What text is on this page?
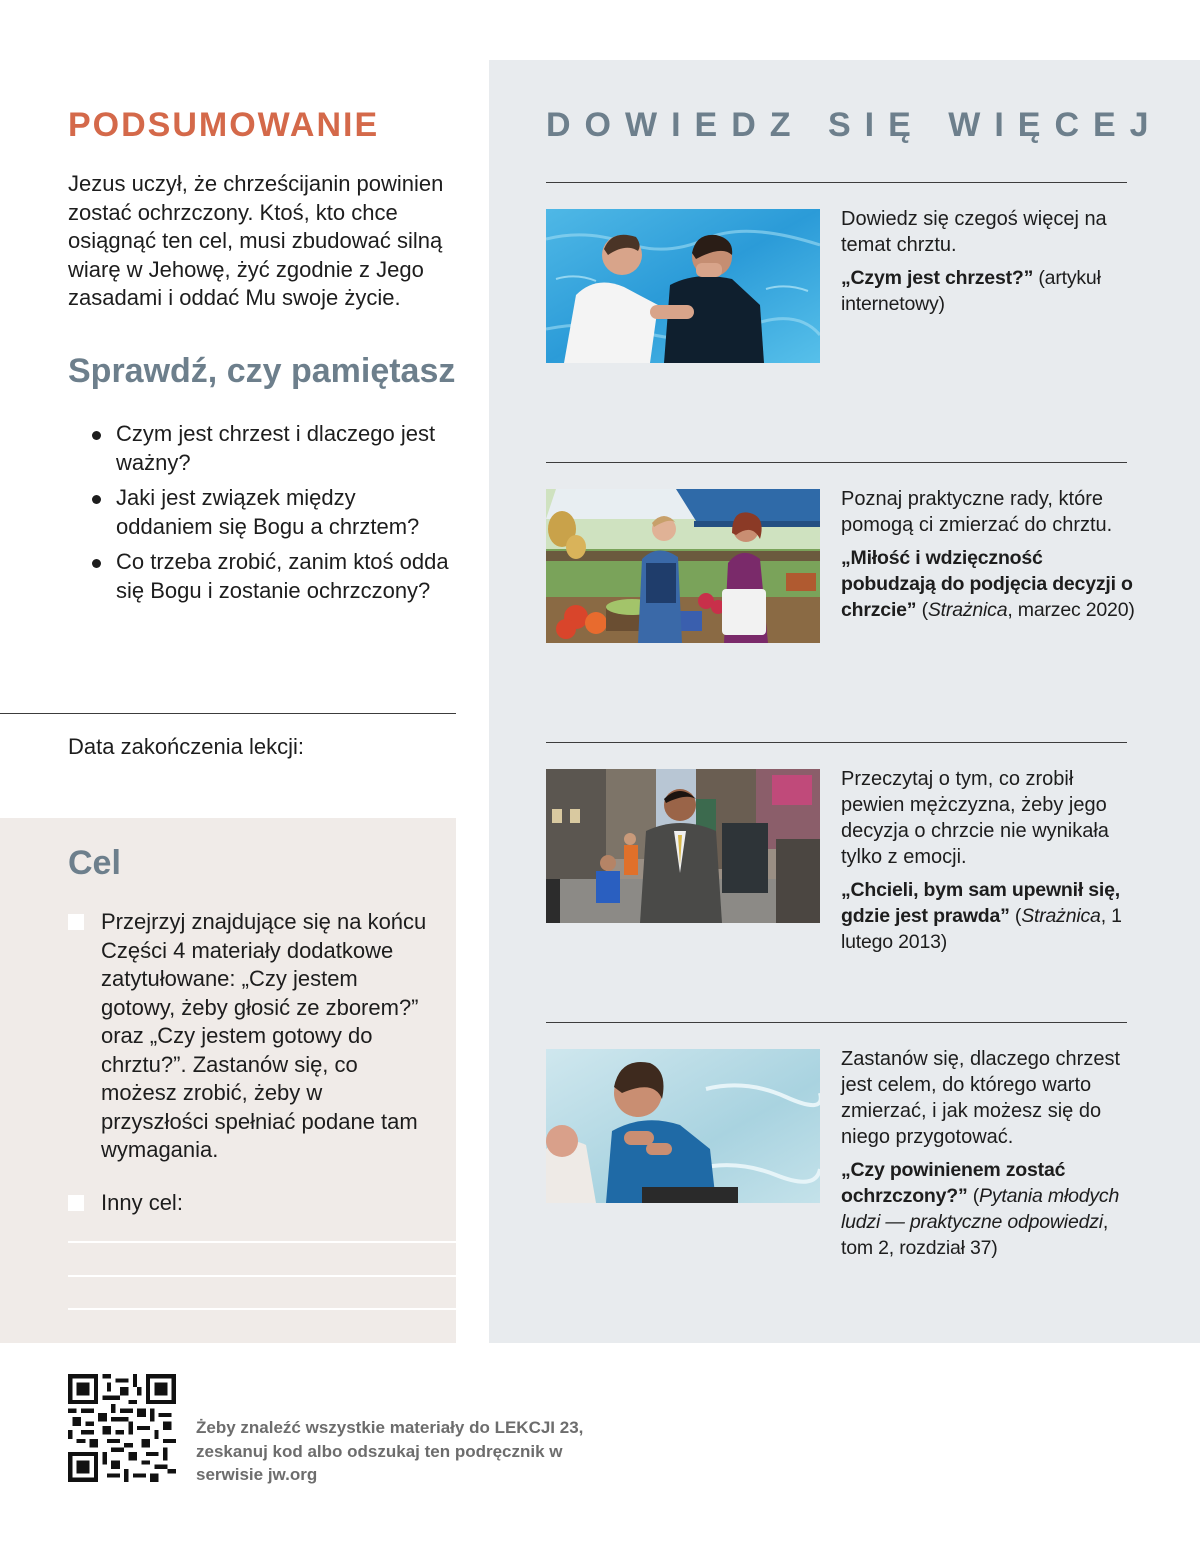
PODSUMOWANIE

Jezus uczył, że chrześcijanin powinien zostać ochrzczony. Ktoś, kto chce osiągnąć ten cel, musi zbudować silną wiarę w Jehowę, żyć zgodnie z Jego zasadami i oddać Mu swoje życie.

Sprawdź, czy pamiętasz
Czym jest chrzest i dlaczego jest ważny?
Jaki jest związek między oddaniem się Bogu a chrztem?
Co trzeba zrobić, zanim ktoś odda się Bogu i zostanie ochrzczony?
Data zakończenia lekcji:
Cel

Przejrzyj znajdujące się na końcu Części 4 materiały dodatkowe zatytułowane: „Czy jestem gotowy, żeby głosić ze zborem?” oraz „Czy jestem gotowy do chrztu?”. Zastanów się, co możesz zrobić, żeby w przyszłości spełniać podane tam wymagania.

Inny cel:

DOWIEDZ SIĘ WIĘCEJ
Dowiedz się czegoś więcej na temat chrztu.
„Czym jest chrzest?” (artykuł internetowy)
Poznaj praktyczne rady, które pomogą ci zmierzać do chrztu.
„Miłość i wdzięczność pobudzają do podjęcia decyzji o chrzcie” (Strażnica, marzec 2020)
Przeczytaj o tym, co zrobił pewien mężczyzna, żeby jego decyzja o chrzcie nie wynikała tylko z emocji.
„Chcieli, bym sam upewnił się, gdzie jest prawda” (Strażnica, 1 lutego 2013)
Zastanów się, dlaczego chrzest jest celem, do którego warto zmierzać, i jak możesz się do niego przygotować.
„Czy powinienem zostać ochrzczony?” (Pytania młodych ludzi — praktyczne odpowiedzi, tom 2, rozdział 37)

Żeby znaleźć wszystkie materiały do LEKCJI 23, zeskanuj kod albo odszukaj ten podręcznik w serwisie jw.org
